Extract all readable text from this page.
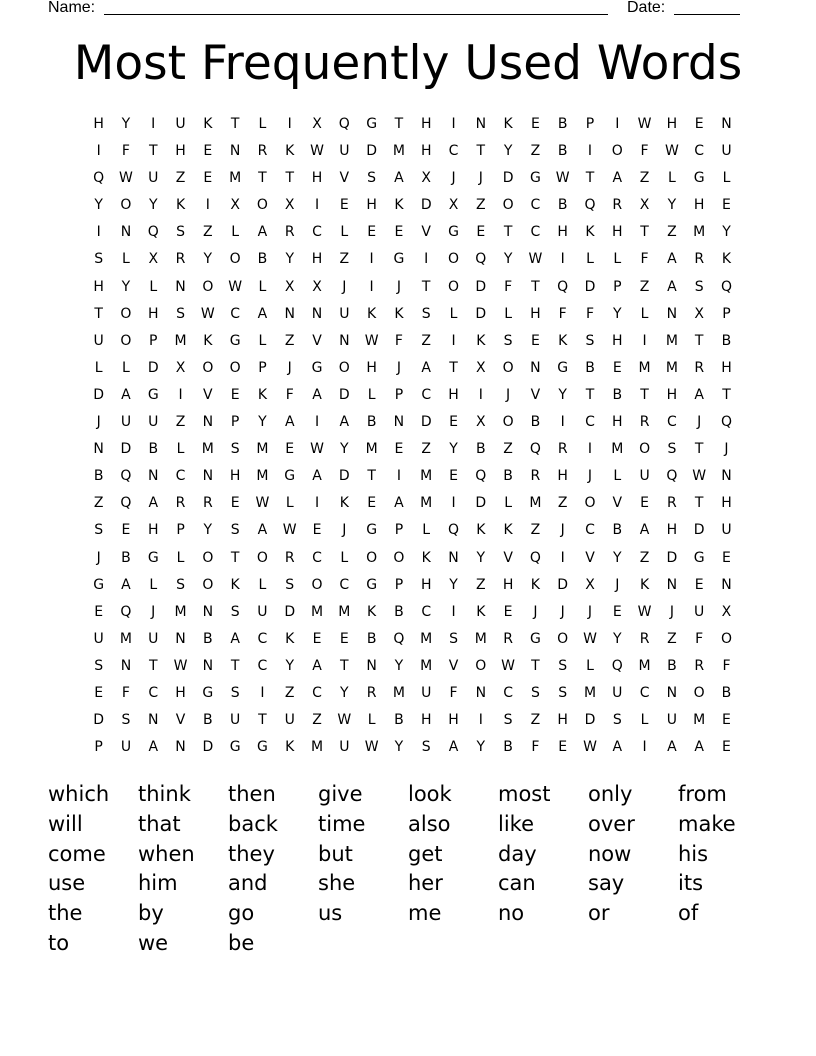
Name:	Date:
Most Frequently Used Words
H	Y	I	U	K	T	L	I	X	Q	G	T	H	I	N	K	E	B	P	I	W	H	E	N
I	F	T	H	E	N	R	K	W	U	D	M	H	C	T	Y	Z	B	I	O	F	W	C	U
Q	W	U	Z	E	M	T	T	H	V	S	A	X	J	J	D	G	W	T	A	Z	L	G	L
Y	O	Y	K	I	X	O	X	I	E	H	K	D	X	Z	O	C	B	Q	R	X	Y	H	E
I	N	Q	S	Z	L	A	R	C	L	E	E	V	G	E	T	C	H	K	H	T	Z	M	Y
S	L	X	R	Y	O	B	Y	H	Z	I	G	I	O	Q	Y	W	I	L	L	F	A	R	K
H	Y	L	N	O	W	L	X	X	J	I	J	T	O	D	F	T	Q	D	P	Z	A	S	Q
T	O	H	S	W	C	A	N	N	U	K	K	S	L	D	L	H	F	F	Y	L	N	X	P
U	O	P	M	K	G	L	Z	V	N	W	F	Z	I	K	S	E	K	S	H	I	M	T	B
L	L	D	X	O	O	P	J	G	O	H	J	A	T	X	O	N	G	B	E	M	M	R	H
D	A	G	I	V	E	K	F	A	D	L	P	C	H	I	J	V	Y	T	B	T	H	A	T
J	U	U	Z	N	P	Y	A	I	A	B	N	D	E	X	O	B	I	C	H	R	C	J	Q
N	D	B	L	M	S	M	E	W	Y	M	E	Z	Y	B	Z	Q	R	I	M	O	S	T	J
B	Q	N	C	N	H	M	G	A	D	T	I	M	E	Q	B	R	H	J	L	U	Q	W	N
Z	Q	A	R	R	E	W	L	I	K	E	A	M	I	D	L	M	Z	O	V	E	R	T	H
S	E	H	P	Y	S	A	W	E	J	G	P	L	Q	K	K	Z	J	C	B	A	H	D	U
J	B	G	L	O	T	O	R	C	L	O	O	K	N	Y	V	Q	I	V	Y	Z	D	G	E
G	A	L	S	O	K	L	S	O	C	G	P	H	Y	Z	H	K	D	X	J	K	N	E	N
E	Q	J	M	N	S	U	D	M	M	K	B	C	I	K	E	J	J	J	E	W	J	U	X
U	M	U	N	B	A	C	K	E	E	B	Q	M	S	M	R	G	O	W	Y	R	Z	F	O
S	N	T	W	N	T	C	Y	A	T	N	Y	M	V	O	W	T	S	L	Q	M	B	R	F
E	F	C	H	G	S	I	Z	C	Y	R	M	U	F	N	C	S	S	M	U	C	N	O	B
D	S	N	V	B	U	T	U	Z	W	L	B	H	H	I	S	Z	H	D	S	L	U	M	E
P	U	A	N	D	G	G	K	M	U	W	Y	S	A	Y	B	F	E	W	A	I	A	A	E
which	think	then	give	look	most	only	from
will	that	back	time	also	like	over	make
come	when	they	but	get	day	now	his
use	him	and	she	her	can	say	its
the	by	go	us	me	no	or	of
to	we	be
